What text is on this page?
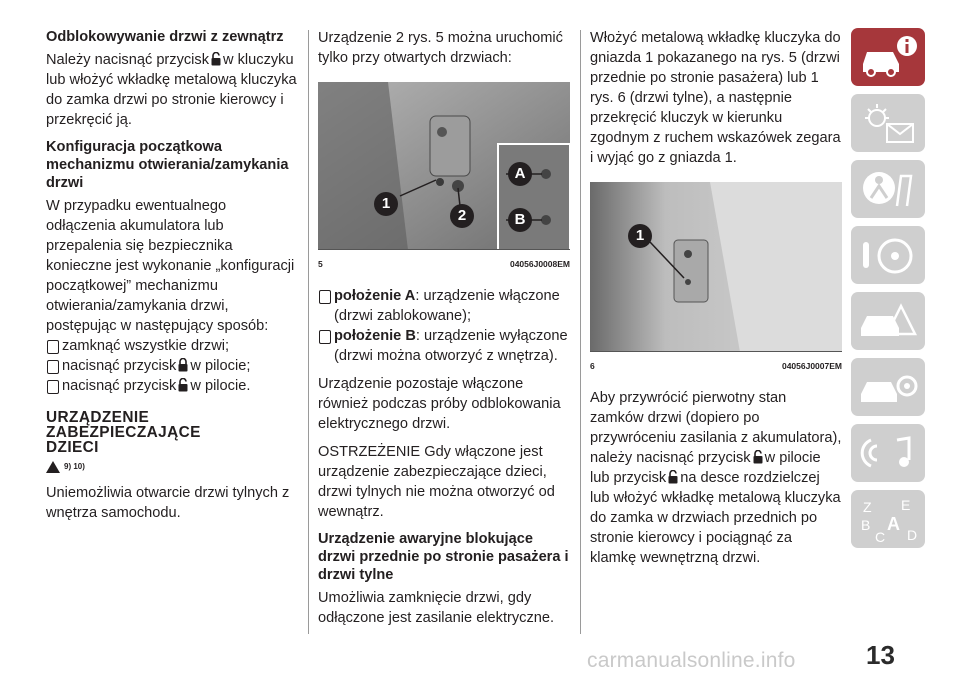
Odblokowywanie drzwi z zewnątrz

Należy nacisnąć przycisk w kluczyku lub włożyć wkładkę metalową kluczyka do zamka drzwi po stronie kierowcy i przekręcić ją.

Konfiguracja początkowa mechanizmu otwierania/zamykania drzwi

W przypadku ewentualnego odłączenia akumulatora lub przepalenia się bezpiecznika konieczne jest wykonanie „konfiguracji początkowej” mechanizmu otwierania/zamykania drzwi, postępując w następujący sposób:

zamknąć wszystkie drzwi;
nacisnąć przycisk w pilocie;
nacisnąć przycisk w pilocie.
URZĄDZENIE
ZABEZPIECZAJĄCE
DZIECI
9) 10)

Uniemożliwia otwarcie drzwi tylnych z wnętrza samochodu.

Urządzenie 2 rys. 5 można uruchomić tylko przy otwartych drzwiach:

1
2
A
B
5	04056J0008EM
położenie A: urządzenie włączone (drzwi zablokowane);
położenie B: urządzenie wyłączone (drzwi można otworzyć z wnętrza).

Urządzenie pozostaje włączone również podczas próby odblokowania elektrycznego drzwi.

OSTRZEŻENIE Gdy włączone jest urządzenie zabezpieczające dzieci, drzwi tylnych nie można otworzyć od wewnątrz.

Urządzenie awaryjne blokujące drzwi przednie po stronie pasażera i drzwi tylne

Umożliwia zamknięcie drzwi, gdy odłączone jest zasilanie elektryczne.

Włożyć metalową wkładkę kluczyka do gniazda 1 pokazanego na rys. 5 (drzwi przednie po stronie pasażera) lub 1 rys. 6 (drzwi tylne), a następnie przekręcić kluczyk w kierunku zgodnym z ruchem wskazówek zegara i wyjąć go z gniazda 1.

1
6	04056J0007EM

Aby przywrócić pierwotny stan zamków drzwi (dopiero po przywróceniu zasilania z akumulatora), należy nacisnąć przycisk w pilocie lub przycisk na desce rozdzielczej lub włożyć wkładkę metalową kluczyka do zamka w drzwiach przednich po stronie kierowcy i pociągnąć za klamkę wewnętrzną drzwi.

Z E
B A
C D
13
carmanualsonline.info
